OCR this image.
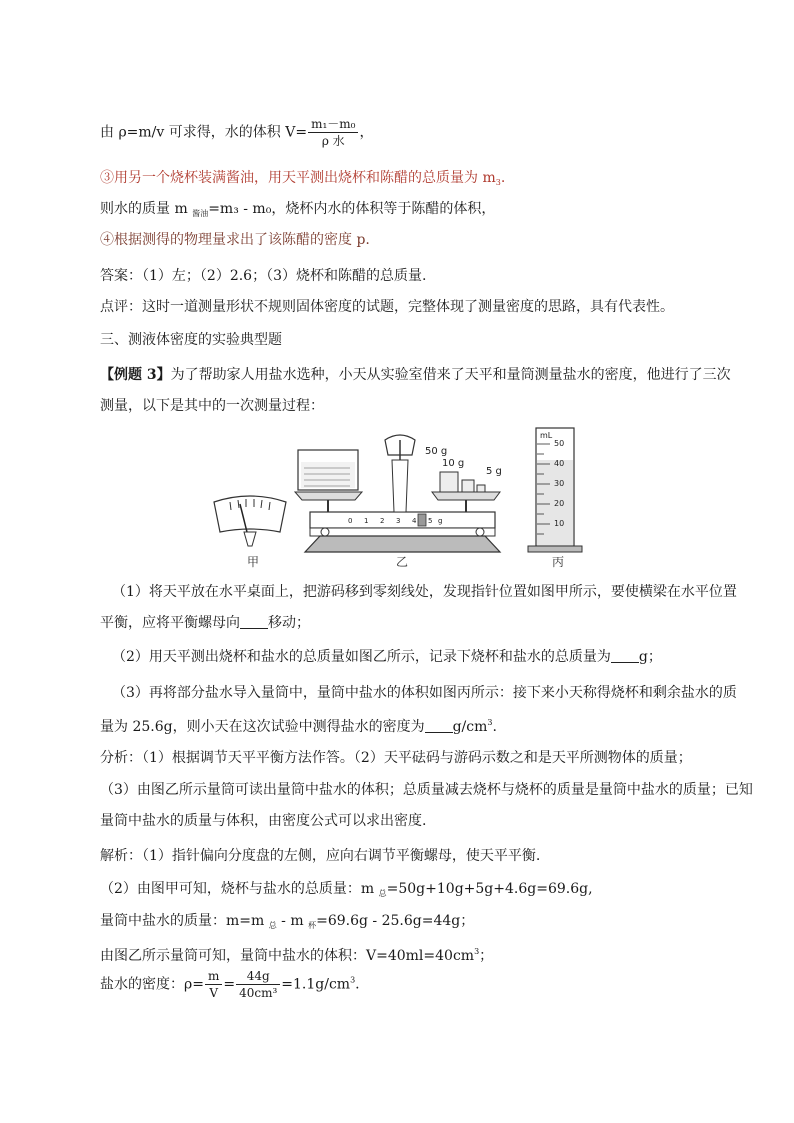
由 ρ=m/v 可求得，水的体积 $V= \frac{\text{m₁－m₀}}{\text{ρ 水}}$ ，
③用另一个烧杯装满酱油，用天平测出烧杯和陈醋的总质量为 $m_3$.
则水的质量 m $_{酱油}$=m₃ - m₀，烧杯内水的体积等于陈醋的体积，
④根据测得的物理量求出了该陈醋的密度 p.
答案：（1）左；（2）2.6；（3）烧杯和陈醋的总质量.
点评：这时一道测量形状不规则固体密度的试题，完整体现了测量密度的思路，具有代表性。
三、测液体密度的实验典型题
【例题 3】为了帮助家人用盐水选种，小天从实验室借来了天平和量筒测量盐水的密度，他进行了三次
测量，以下是其中的一次测量过程：
0 1 2 3 4 5 g
50 g
10 g
5 g
mL
50
40
30
20
10
甲	乙	丙
（1）将天平放在水平桌面上，把游码移到零刻线处，发现指针位置如图甲所示，要使横梁在水平位置
平衡，应将平衡螺母向 移动；
（2）用天平测出烧杯和盐水的总质量如图乙所示，记录下烧杯和盐水的总质量为 g；
（3）再将部分盐水导入量筒中，量筒中盐水的体积如图丙所示：接下来小天称得烧杯和剩余盐水的质
量为 25.6g，则小天在这次试验中测得盐水的密度为 $g/cm^3$.
分析：（1）根据调节天平平衡方法作答。（2）天平砝码与游码示数之和是天平所测物体的质量；
（3）由图乙所示量筒可读出量筒中盐水的体积；总质量减去烧杯与烧杯的质量是量筒中盐水的质量；已知
量筒中盐水的质量与体积，由密度公式可以求出密度.
解析：（1）指针偏向分度盘的左侧，应向右调节平衡螺母，使天平平衡.
（2）由图甲可知，烧杯与盐水的总质量：m $_总$=50g+10g+5g+4.6g=69.6g,
量筒中盐水的质量：m=m $_总$ - m $_杯$=69.6g - 25.6g=44g；
由图乙所示量筒可知，量筒中盐水的体积：$V=40ml=40cm^3$；
盐水的密度：$\rho= \frac{m}{V} = \frac{44g}{\text{40cm³}} =1.1g/cm^3$.
